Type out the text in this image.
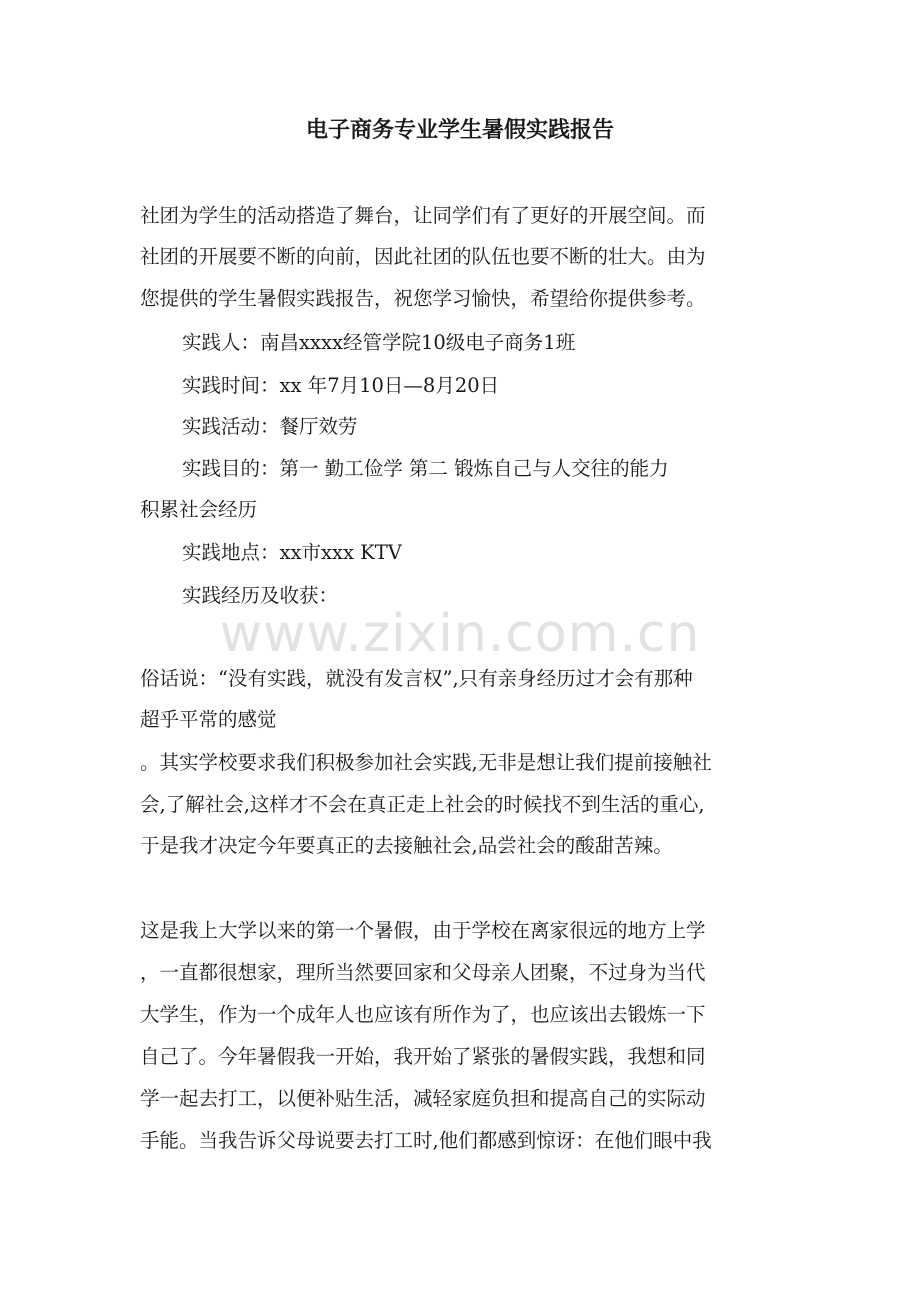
电子商务专业学生暑假实践报告
社团为学生的活动搭造了舞台，让同学们有了更好的开展空间。而
社团的开展要不断的向前，因此社团的队伍也要不断的壮大。由为
您提供的学生暑假实践报告，祝您学习愉快，希望给你提供参考。
实践人：南昌xxxx经管学院10级电子商务1班
实践时间：xx 年7月10日—8月20日
实践活动：餐厅效劳
实践目的：第一 勤工俭学 第二 锻炼自己与人交往的能力
积累社会经历
实践地点：xx市xxx KTV
实践经历及收获：
www.zixin.com.cn
俗话说：“没有实践，就没有发言权”,只有亲身经历过才会有那种
超乎平常的感觉
。其实学校要求我们积极参加社会实践,无非是想让我们提前接触社
会,了解社会,这样才不会在真正走上社会的时候找不到生活的重心,
于是我才决定今年要真正的去接触社会,品尝社会的酸甜苦辣。
这是我上大学以来的第一个暑假，由于学校在离家很远的地方上学
，一直都很想家，理所当然要回家和父母亲人团聚，不过身为当代
大学生，作为一个成年人也应该有所作为了，也应该出去锻炼一下
自己了。今年暑假我一开始，我开始了紧张的暑假实践，我想和同
学一起去打工，以便补贴生活，减轻家庭负担和提高自己的实际动
手能。当我告诉父母说要去打工时,他们都感到惊讶：在他们眼中我
